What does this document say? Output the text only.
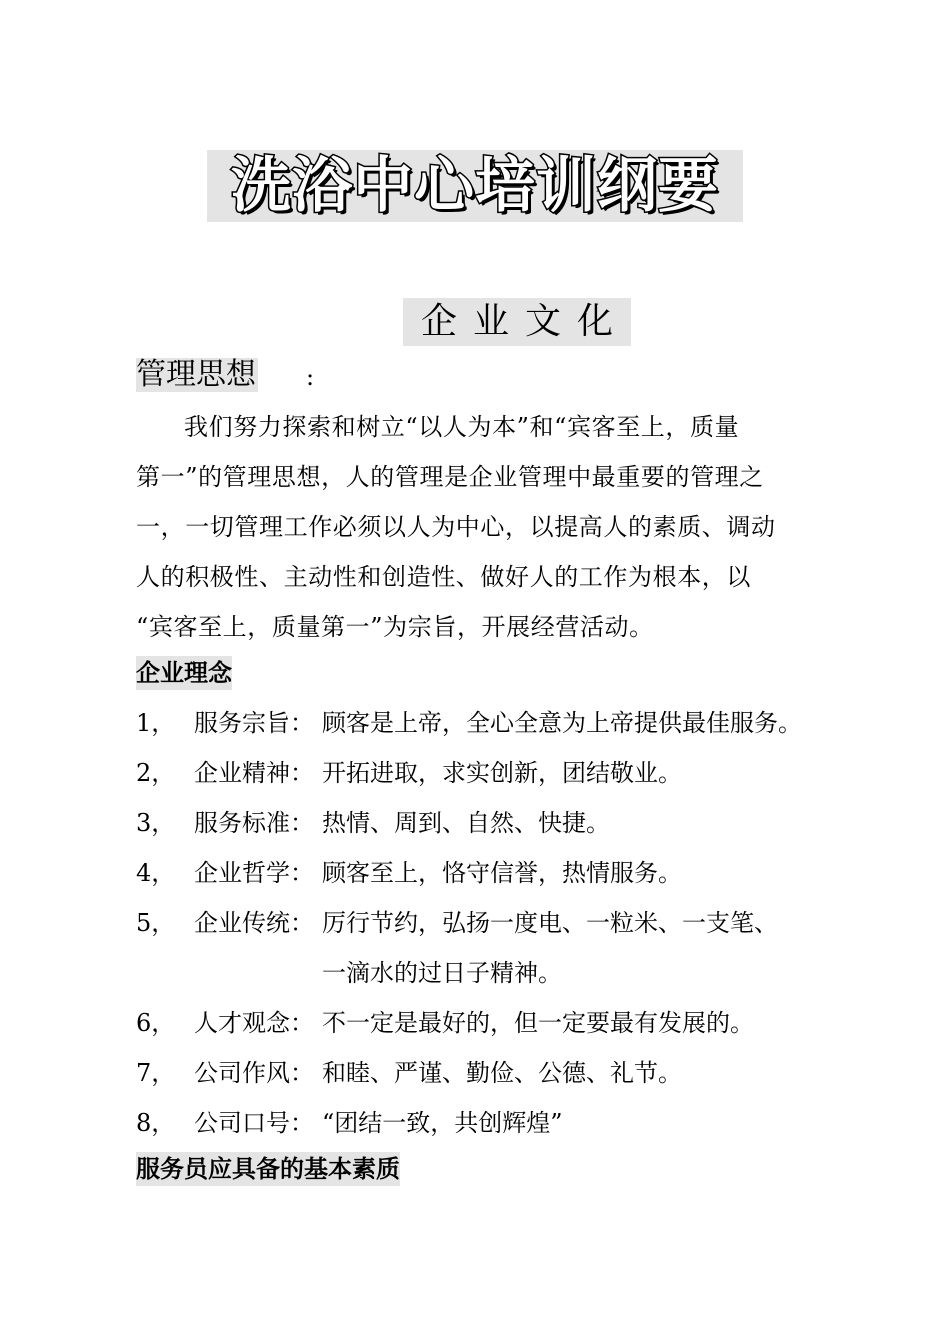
洗浴中心培训纲要
企业文化
管理思想 :
我们努力探索和树立“以人为本”和“宾客至上，质量
第一”的管理思想，人的管理是企业管理中最重要的管理之
一，一切管理工作必须以人为中心，以提高人的素质、调动
人的积极性、主动性和创造性、做好人的工作为根本，以
“宾客至上，质量第一”为宗旨，开展经营活动。
企业理念
1， 服务宗旨： 顾客是上帝，全心全意为上帝提供最佳服务。
2， 企业精神： 开拓进取，求实创新，团结敬业。
3， 服务标准： 热情、周到、自然、快捷。
4， 企业哲学： 顾客至上，恪守信誉，热情服务。
5， 企业传统： 厉行节约，弘扬一度电、一粒米、一支笔、
一滴水的过日子精神。
6， 人才观念： 不一定是最好的，但一定要最有发展的。
7， 公司作风： 和睦、严谨、勤俭、公德、礼节。
8， 公司口号： “团结一致，共创辉煌”
服务员应具备的基本素质
